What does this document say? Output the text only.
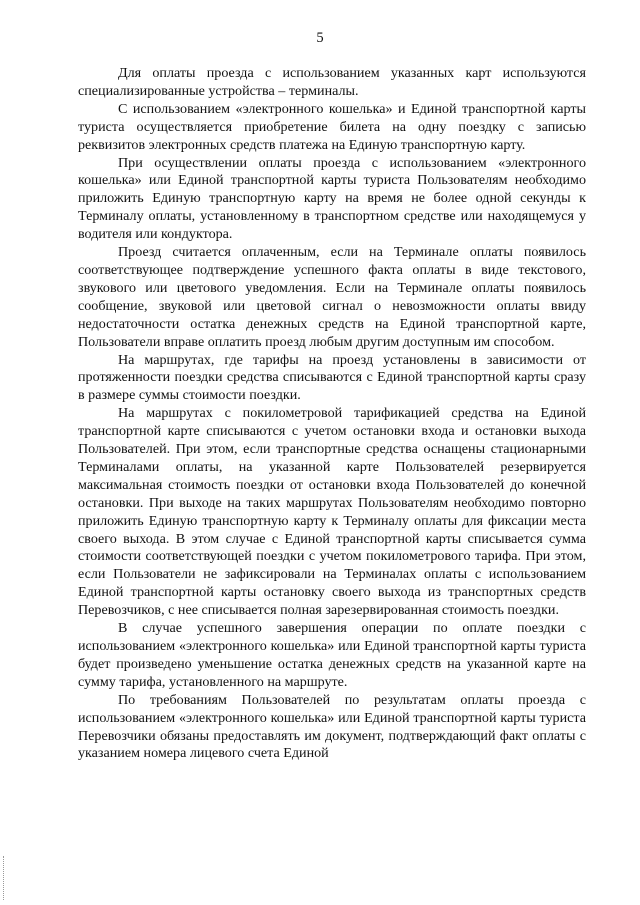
5

Для оплаты проезда с использованием указанных карт используются специализированные устройства – терминалы.

С использованием «электронного кошелька» и Единой транспортной карты туриста осуществляется приобретение билета на одну поездку с записью реквизитов электронных средств платежа на Единую транспортную карту.

При осуществлении оплаты проезда с использованием «электронного кошелька» или Единой транспортной карты туриста Пользователям необходимо приложить Единую транспортную карту на время не более одной секунды к Терминалу оплаты, установленному в транспортном средстве или находящемуся у водителя или кондуктора.

Проезд считается оплаченным, если на Терминале оплаты появилось соответствующее подтверждение успешного факта оплаты в виде текстового, звукового или цветового уведомления. Если на Терминале оплаты появилось сообщение, звуковой или цветовой сигнал о невозможности оплаты ввиду недостаточности остатка денежных средств на Единой транспортной карте, Пользователи вправе оплатить проезд любым другим доступным им способом.

На маршрутах, где тарифы на проезд установлены в зависимости от протяженности поездки средства списываются с Единой транспортной карты сразу в размере суммы стоимости поездки.

На маршрутах с покилометровой тарификацией средства на Единой транспортной карте списываются с учетом остановки входа и остановки выхода Пользователей. При этом, если транспортные средства оснащены стационарными Терминалами оплаты, на указанной карте Пользователей резервируется максимальная стоимость поездки от остановки входа Пользователей до конечной остановки. При выходе на таких маршрутах Пользователям необходимо повторно приложить Единую транспортную карту к Терминалу оплаты для фиксации места своего выхода. В этом случае с Единой транспортной карты списывается сумма стоимости соответствующей поездки с учетом покилометрового тарифа. При этом, если Пользователи не зафиксировали на Терминалах оплаты с использованием Единой транспортной карты остановку своего выхода из транспортных средств Перевозчиков, с нее списывается полная зарезервированная стоимость поездки.

В случае успешного завершения операции по оплате поездки с использованием «электронного кошелька» или Единой транспортной карты туриста будет произведено уменьшение остатка денежных средств на указанной карте на сумму тарифа, установленного на маршруте.

По требованиям Пользователей по результатам оплаты проезда с использованием «электронного кошелька» или Единой транспортной карты туриста Перевозчики обязаны предоставлять им документ, подтверждающий факт оплаты с указанием номера лицевого счета Единой
